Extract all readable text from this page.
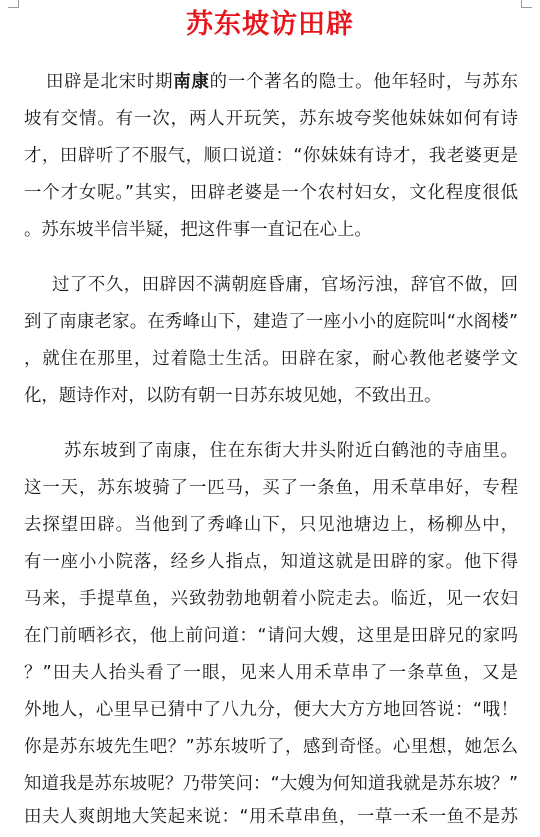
苏东坡访田辟
田辟是北宋时期南康的一个著名的隐士。他年轻时，与苏东
坡有交情。有一次，两人开玩笑，苏东坡夸奖他妹妹如何有诗
才，田辟听了不服气，顺口说道：“你妹妹有诗才，我老婆更是
一个才女呢。”其实，田辟老婆是一个农村妇女，文化程度很低
。苏东坡半信半疑，把这件事一直记在心上。
过了不久，田辟因不满朝庭昏庸，官场污浊，辞官不做，回
到了南康老家。在秀峰山下，建造了一座小小的庭院叫“水阁楼”
，就住在那里，过着隐士生活。田辟在家，耐心教他老婆学文
化，题诗作对，以防有朝一日苏东坡见她，不致出丑。
苏东坡到了南康，住在东街大井头附近白鹤池的寺庙里。
这一天，苏东坡骑了一匹马，买了一条鱼，用禾草串好，专程
去探望田辟。当他到了秀峰山下，只见池塘边上，杨柳丛中，
有一座小小院落，经乡人指点，知道这就是田辟的家。他下得
马来，手提草鱼，兴致勃勃地朝着小院走去。临近，见一农妇
在门前晒衫衣，他上前问道：“请问大嫂，这里是田辟兄的家吗
？”田夫人抬头看了一眼，见来人用禾草串了一条草鱼，又是
外地人，心里早已猜中了八九分，便大大方方地回答说：“哦！
你是苏东坡先生吧？”苏东坡听了，感到奇怪。心里想，她怎么
知道我是苏东坡呢？乃带笑问：“大嫂为何知道我就是苏东坡？”
田夫人爽朗地大笑起来说：“用禾草串鱼，一草一禾一鱼不是苏
